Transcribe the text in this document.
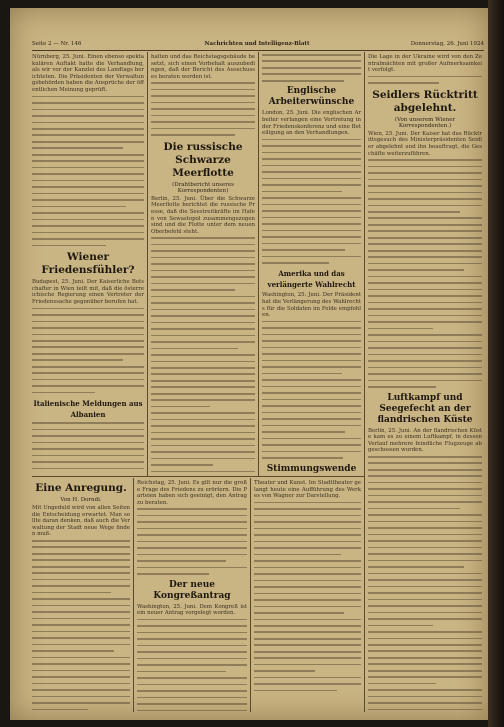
Seite 2 — Nr. 146	Nachrichten und Intelligenz-Blatt	Donnerstag, 26. Juni 1924
Nürnberg, 25. Juni. Einen ebenso spektakulären Auftakt hatte die Verhandlung, als wir vor der Kanzlei des Landtags berichteten. Die Präsidenten der Verwaltungsbehörden haben die Ansprüche der öffentlichen Meinung geprüft.
Wiener Friedensfühler?
Budapest, 25. Juni. Der Kaiserliche Botschafter in Wien teilt mit, daß die österreichische Regierung einen Vertreter der Friedenssache gegenüber berufen hat.
Italienische Meldungen aus Albanien
halten und das Reichstagsgebäude besetzt, sich einen Vorbehalt auszubedingen, daß der Bericht des Ausschusses beraten worden ist.
Die russische Schwarze Meerflotte
(Drahtbericht unseres Korrespondenten)
Berlin, 25. Juni. Über die Schwarze Meerflotte berichtet die russische Presse, daß die Seestreitkräfte im Hafen von Sewastopol zusammengezogen sind und die Flotte unter dem neuen Oberbefehl steht.
Englische Arbeiterwünsche
London, 25. Juni. Die englischen Arbeiter verlangen eine Vertretung in der Friedenskonferenz und eine Beteiligung an den Verhandlungen.
Amerika und das verlängerte Wahlrecht
Washington, 25. Juni. Der Präsident hat die Verlängerung des Wahlrechts für die Soldaten im Felde empfohlen.
Stimmungswende
Die Lage in der Ukraine wird von den Zentralmächten mit großer Aufmerksamkeit verfolgt.
Seidlers Rücktritt abgelehnt.
(Von unserem Wiener Korrespondenten.)
Wien, 25. Juni. Der Kaiser hat das Rücktrittsgesuch des Ministerpräsidenten Seidler abgelehnt und ihn beauftragt, die Geschäfte weiterzuführen.
Luftkampf und Seegefecht an der flandrischen Küste
Berlin, 25. Juni. An der flandrischen Küste kam es zu einem Luftkampf, in dessen Verlauf mehrere feindliche Flugzeuge abgeschossen wurden.
Eine Anregung.
Von H. Dorndi.
Mit Ungeduld wird von allen Seiten die Entscheidung erwartet. Man sollte daran denken, daß auch die Verwaltung der Stadt neue Wege finden muß.
Reichstag, 25. Juni. Es gilt nur die große Frage des Friedens zu erörtern. Die Parteien haben sich geeinigt, den Antrag zu beraten.
Der neue Kongreßantrag
Washington, 25. Juni. Dem Kongreß ist ein neuer Antrag vorgelegt worden.
Theater und Kunst. Im Stadttheater gelangt heute eine Aufführung des Werkes von Wagner zur Darstellung.
